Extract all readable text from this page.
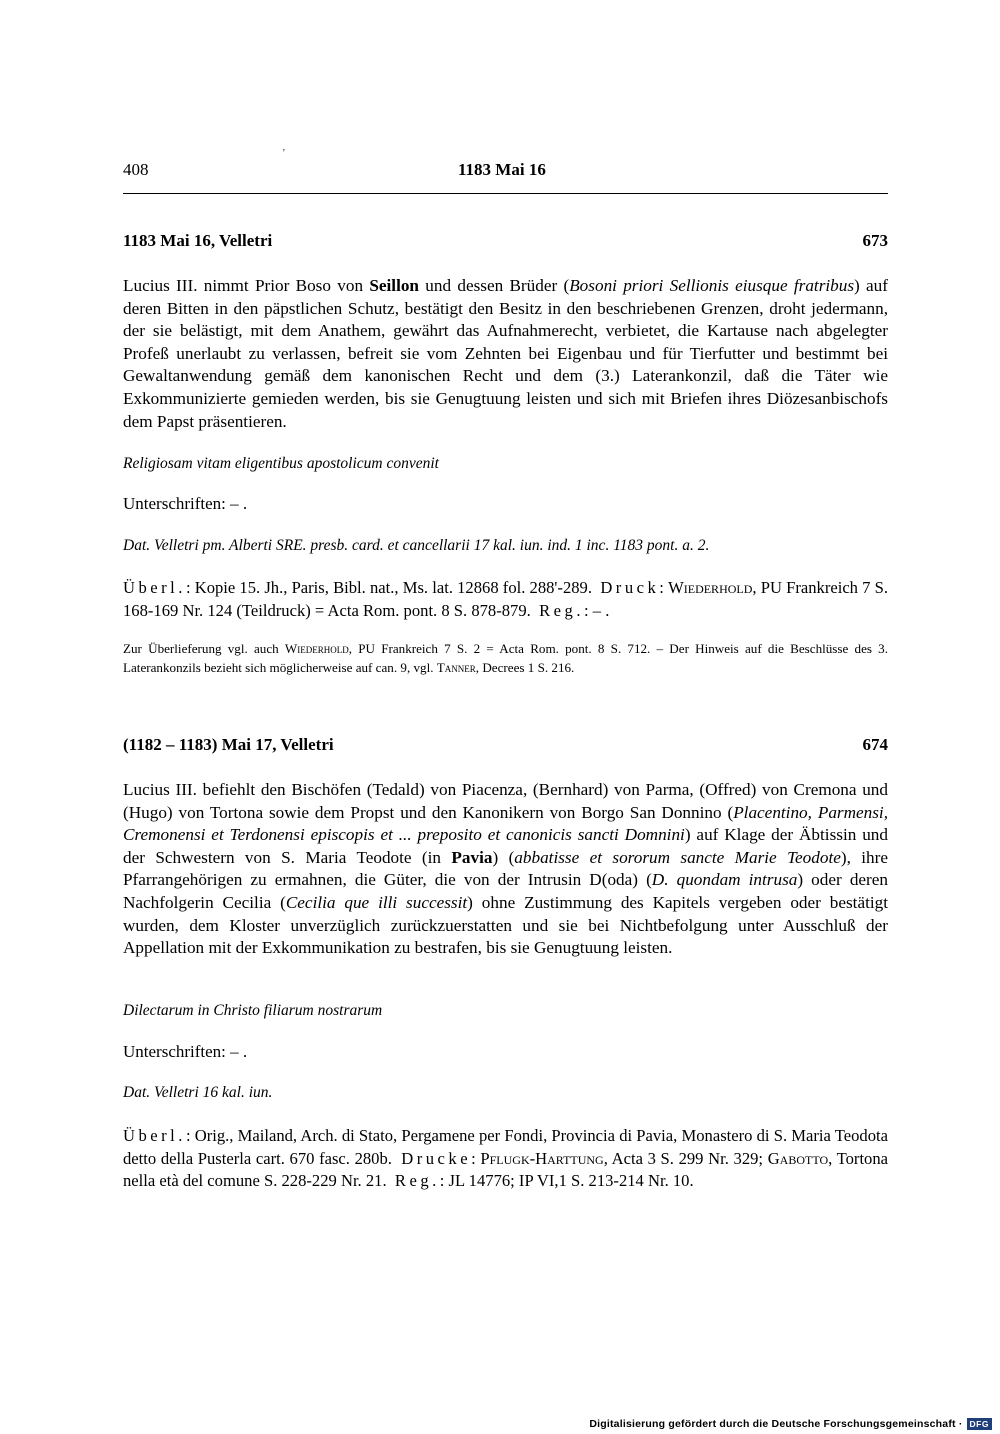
408
'
1183 Mai 16
1183 Mai 16, Velletri	673
Lucius III. nimmt Prior Boso von Seillon und dessen Brüder (Bosoni priori Sellionis eiusque fratribus) auf deren Bitten in den päpstlichen Schutz, bestätigt den Besitz in den beschriebenen Grenzen, droht jedermann, der sie belästigt, mit dem Anathem, gewährt das Aufnahmerecht, verbietet, die Kartause nach abgelegter Profeß unerlaubt zu verlassen, befreit sie vom Zehnten bei Eigenbau und für Tierfutter und bestimmt bei Gewaltanwendung gemäß dem kanonischen Recht und dem (3.) Laterankonzil, daß die Täter wie Exkommunizierte gemieden werden, bis sie Genugtuung leisten und sich mit Briefen ihres Diözesanbischofs dem Papst präsentieren.
Religiosam vitam eligentibus apostolicum convenit
Unterschriften: – .
Dat. Velletri pm. Alberti SRE. presb. card. et cancellarii 17 kal. iun. ind. 1 inc. 1183 pont. a. 2.
Überl.: Kopie 15. Jh., Paris, Bibl. nat., Ms. lat. 12868 fol. 288'-289. Druck: Wiederhold, PU Frankreich 7 S. 168-169 Nr. 124 (Teildruck) = Acta Rom. pont. 8 S. 878-879. Reg.: – .
Zur Überlieferung vgl. auch Wiederhold, PU Frankreich 7 S. 2 = Acta Rom. pont. 8 S. 712. – Der Hinweis auf die Beschlüsse des 3. Laterankonzils bezieht sich möglicherweise auf can. 9, vgl. Tanner, Decrees 1 S. 216.
(1182 – 1183) Mai 17, Velletri	674
Lucius III. befiehlt den Bischöfen (Tedald) von Piacenza, (Bernhard) von Parma, (Offred) von Cremona und (Hugo) von Tortona sowie dem Propst und den Kanonikern von Borgo San Donnino (Placentino, Parmensi, Cremonensi et Terdonensi episcopis et ... preposito et canonicis sancti Domnini) auf Klage der Äbtissin und der Schwestern von S. Maria Teodote (in Pavia) (abbatisse et sororum sancte Marie Teodote), ihre Pfarrangehörigen zu ermahnen, die Güter, die von der Intrusin D(oda) (D. quondam intrusa) oder deren Nachfolgerin Cecilia (Cecilia que illi successit) ohne Zustimmung des Kapitels vergeben oder bestätigt wurden, dem Kloster unverzüglich zurückzuerstatten und sie bei Nichtbefolgung unter Ausschluß der Appellation mit der Exkommunikation zu bestrafen, bis sie Genugtuung leisten.
Dilectarum in Christo filiarum nostrarum
Unterschriften: – .
Dat. Velletri 16 kal. iun.
Überl.: Orig., Mailand, Arch. di Stato, Pergamene per Fondi, Provincia di Pavia, Monastero di S. Maria Teodota detto della Pusterla cart. 670 fasc. 280b. Drucke: Pflugk-Harttung, Acta 3 S. 299 Nr. 329; Gabotto, Tortona nella età del comune S. 228-229 Nr. 21. Reg.: JL 14776; IP VI,1 S. 213-214 Nr. 10.
Digitalisierung gefördert durch die Deutsche Forschungsgemeinschaft · DFG
